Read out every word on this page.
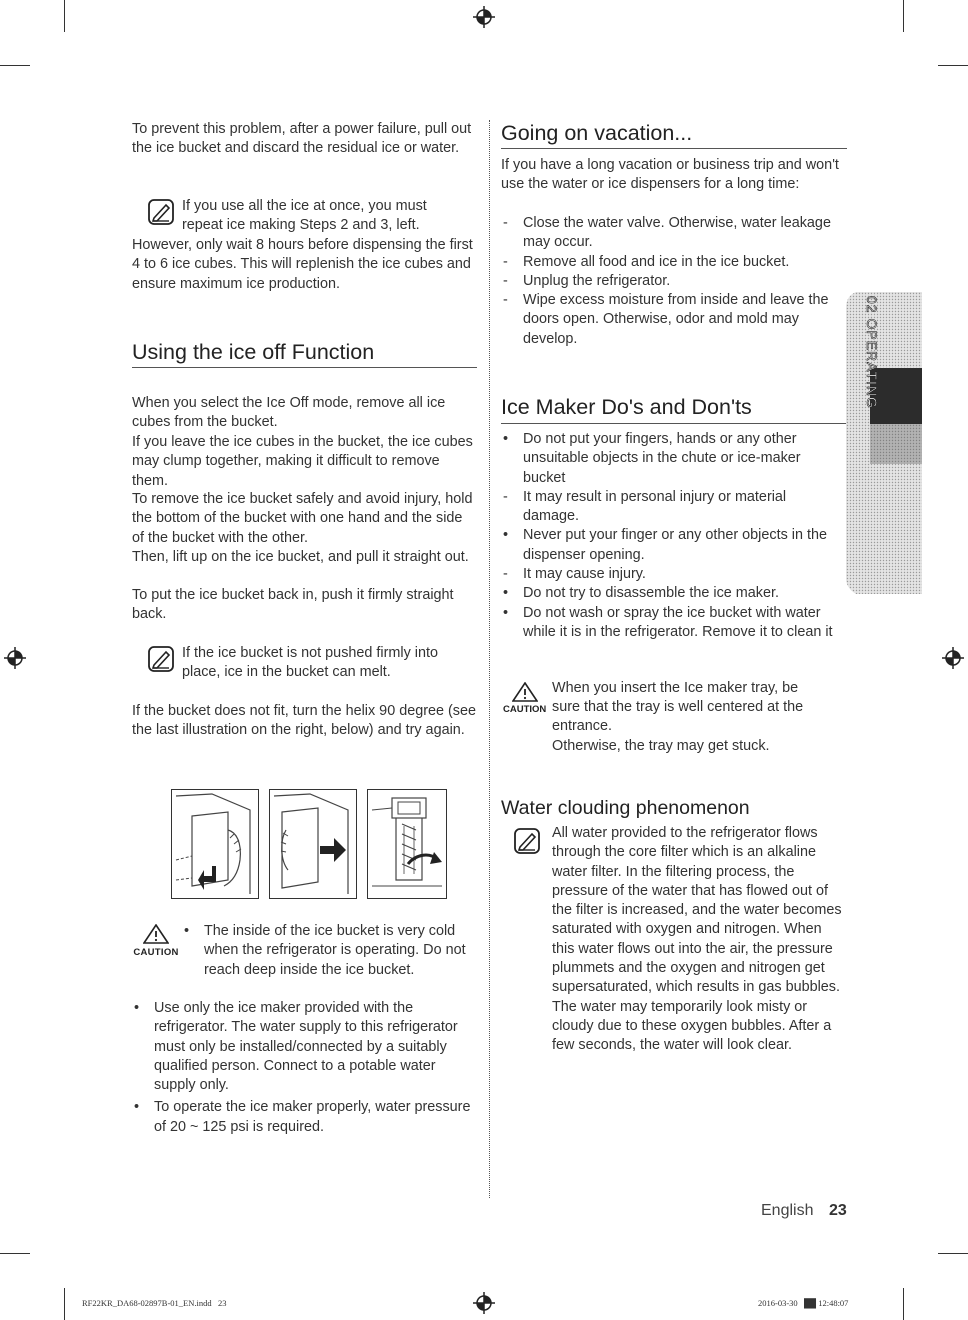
To prevent this problem, after a power failure, pull out the ice bucket and discard the residual ice or water.
If you use all the ice at once, you must repeat ice making Steps 2 and 3, left.
However, only wait 8 hours before dispensing the first 4 to 6 ice cubes. This will replenish the ice cubes and ensure maximum ice production.
Using the ice off Function
When you select the Ice Off mode, remove all ice cubes from the bucket.
If you leave the ice cubes in the bucket, the ice cubes may clump together, making it difficult to remove them.
To remove the ice bucket safely and avoid injury, hold the bottom of the bucket with one hand and the side of the bucket with the other.
Then, lift up on the ice bucket, and pull it straight out.
To put the ice bucket back in, push it firmly straight back.
If the ice bucket is not pushed firmly into place, ice in the bucket can melt.
If the bucket does not fit, turn the helix 90 degree (see the last illustration on the right, below) and try again.
CAUTION
• The inside of the ice bucket is very cold when the refrigerator is operating. Do not reach deep inside the ice bucket.
• Use only the ice maker provided with the refrigerator. The water supply to this refrigerator must only be installed/connected by a suitably qualified person. Connect to a potable water supply only.
• To operate the ice maker properly, water pressure of 20 ~ 125 psi is required.
Going on vacation...
If you have a long vacation or business trip and won't use the water or ice dispensers for a long time:
- Close the water valve. Otherwise, water leakage may occur.
- Remove all food and ice in the ice bucket.
- Unplug the refrigerator.
- Wipe excess moisture from inside and leave the doors open. Otherwise, odor and mold may develop.
Ice Maker Do's and Don'ts
• Do not put your fingers, hands or any other unsuitable objects in the chute or ice-maker bucket
- It may result in personal injury or material damage.
• Never put your finger or any other objects in the dispenser opening.
- It may cause injury.
• Do not try to disassemble the ice maker.
• Do not wash or spray the ice bucket with water while it is in the refrigerator. Remove it to clean it
CAUTION
When you insert the Ice maker tray, be
sure that the tray is well centered at the entrance.
Otherwise, the tray may get stuck.
Water clouding phenomenon
All water provided to the refrigerator flows through the core filter which is an alkaline water filter. In the filtering process, the pressure of the water that has flowed out of the filter is increased, and the water becomes saturated with oxygen and nitrogen. When this water flows out into the air, the pressure plummets and the oxygen and nitrogen get supersaturated, which results in gas bubbles. The water may temporarily look misty or cloudy due to these oxygen bubbles. After a few seconds, the water will look clear.
02 OPERATING
English 23
RF22KR_DA68-02897B-01_EN.indd   23	2016-03-30   ██ 12:48:07
